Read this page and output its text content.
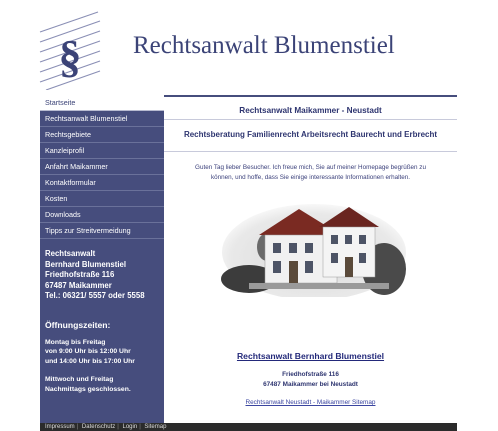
§ Rechtsanwalt Blumenstiel
Startseite
Rechtsanwalt Blumenstiel
Rechtsgebiete
Kanzleiprofil
Anfahrt Maikammer
Kontaktformular
Kosten
Downloads
Tipps zur Streitvermeidung
Rechtsanwalt
Bernhard Blumenstiel
Friedhofstraße 116
67487 Maikammer
Tel.: 06321/ 5557 oder 5558
Öffnungszeiten:
Montag bis Freitag
von 9:00 Uhr bis 12:00 Uhr
und 14:00 Uhr bis 17:00 Uhr
Mittwoch und Freitag
Nachmittags geschlossen.
Rechtsanwalt Maikammer - Neustadt
Rechtsberatung Familienrecht Arbeitsrecht Baurecht und Erbrecht
Guten Tag lieber Besucher. Ich freue mich, Sie auf meiner Homepage begrüßen zu
können, und hoffe, dass Sie einige interessante Informationen erhalten.
Rechtsanwalt Bernhard Blumenstiel
Friedhofstraße 116
67487 Maikammer bei Neustadt
Rechtsanwalt Neustadt - Maikammer Sitemap
Impressum | Datenschutz | Login | Sitemap
